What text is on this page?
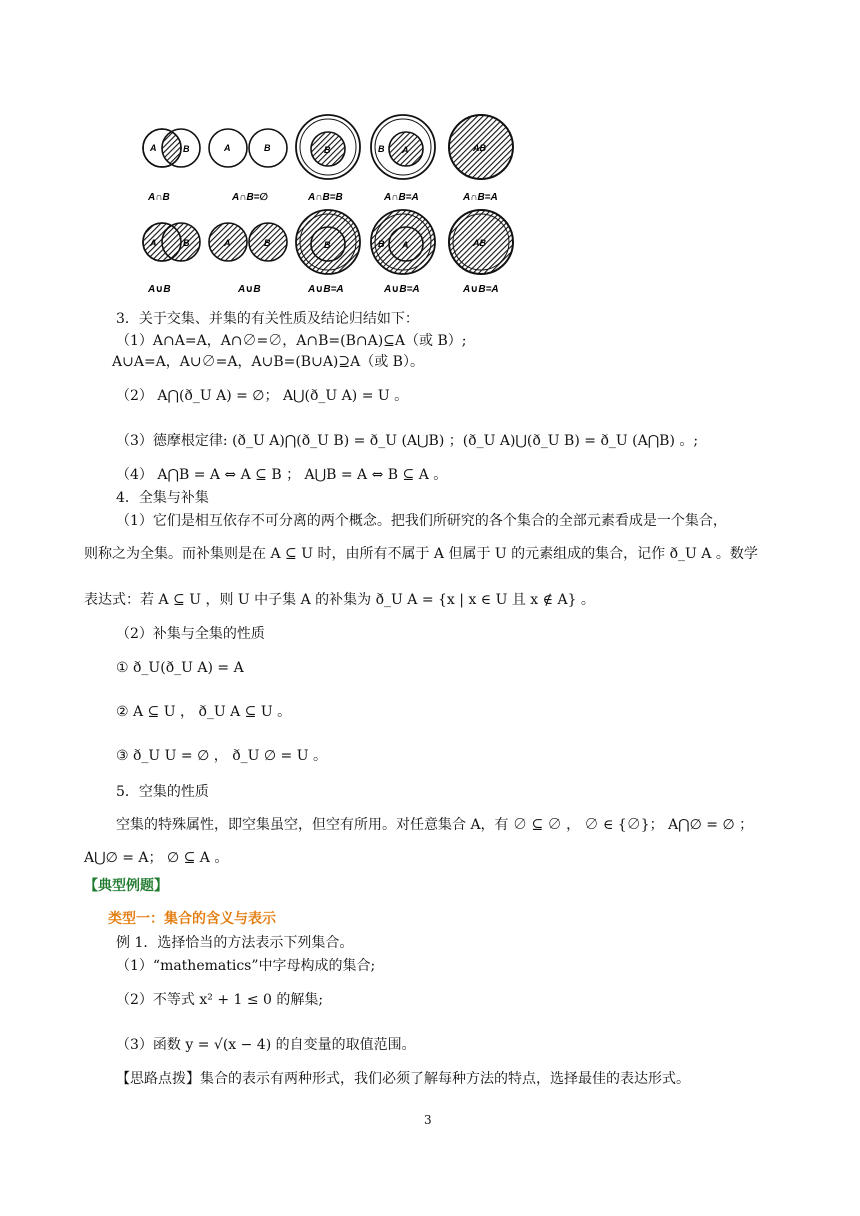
A	B	A	B	B	B A	AB
A∩B	A∩B=∅	A∩B=B	A∩B=A	A∩B=A
A	B	A	B	B	B A	AB
A∪B	A∪B	A∪B=A	A∪B=A	A∪B=A
3．关于交集、并集的有关性质及结论归结如下：
（1）A∩A=A，A∩∅=∅，A∩B=(B∩A)⊆A（或 B）;
A∪A=A，A∪∅=A，A∪B=(B∪A)⊇A（或 B）。
（2） A⋂(ð_U A) = ∅； A⋃(ð_U A) = U 。
（3）德摩根定律: (ð_U A)⋂(ð_U B) = ð_U (A⋃B) ；(ð_U A)⋃(ð_U B) = ð_U (A⋂B) 。;
（4） A⋂B = A ⇔ A ⊆ B ； A⋃B = A ⇔ B ⊆ A 。
4．全集与补集
（1）它们是相互依存不可分离的两个概念。把我们所研究的各个集合的全部元素看成是一个集合，
则称之为全集。而补集则是在 A ⊆ U 时，由所有不属于 A 但属于 U 的元素组成的集合，记作 ð_U A 。数学
表达式：若 A ⊆ U ，则 U 中子集 A 的补集为 ð_U A = {x | x ∈ U 且 x ∉ A} 。
（2）补集与全集的性质
① ð_U(ð_U A) = A
② A ⊆ U ， ð_U A ⊆ U 。
③ ð_U U = ∅ ， ð_U ∅ = U 。
5．空集的性质
空集的特殊属性，即空集虽空，但空有所用。对任意集合 A，有 ∅ ⊆ ∅ ， ∅ ∈ {∅}； A⋂∅ = ∅ ；
A⋃∅ = A； ∅ ⊆ A 。
【典型例题】
类型一：集合的含义与表示
例 1．选择恰当的方法表示下列集合。
（1）“mathematics”中字母构成的集合;
（2）不等式 x² + 1 ≤ 0 的解集;
（3）函数 y = √(x − 4) 的自变量的取值范围。
【思路点拨】集合的表示有两种形式，我们必须了解每种方法的特点，选择最佳的表达形式。
3
